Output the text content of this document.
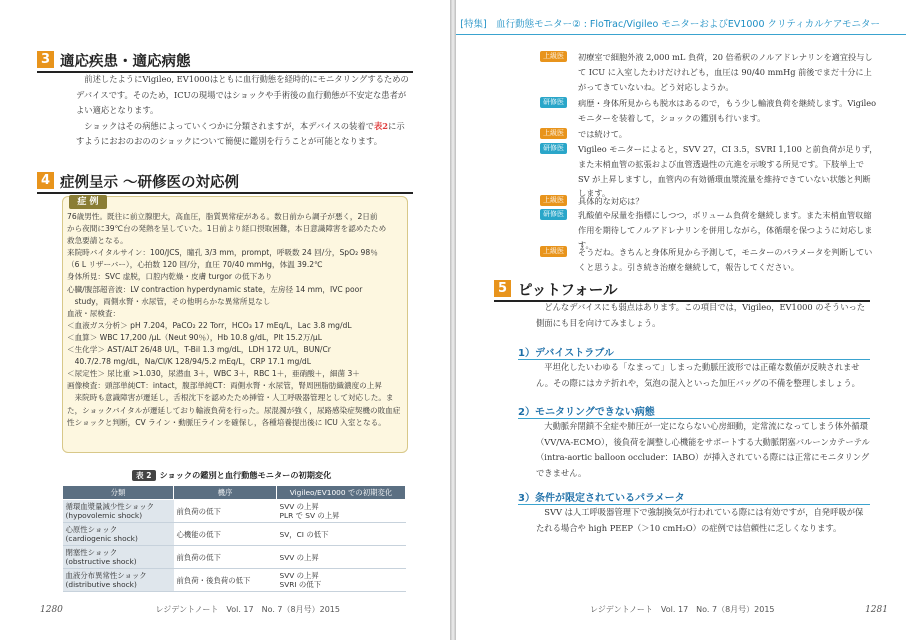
3 適応疾患・適応病態

前述したようにVigileo, EV1000はともに血行動態を経時的にモニタリングするためのデバイスです。そのため，ICUの現場ではショックや手術後の血行動態が不安定な患者がよい適応となります。

ショックはその病態によっていくつかに分類されますが，本デバイスの装着で表2に示すようにおおのおののショックについて簡便に鑑別を行うことが可能となります。

4 症例呈示 〜研修医の対応例
症 例
76歳男性。既往に前立腺肥大，高血圧，脂質異常症がある。数日前から調子が悪く，2日前
から夜間に39℃台の発熱を呈していた。1日前より経口摂取困難，本日意識障害を認めたため
救急要請となる。
来院時バイタルサイン：100/JCS，瞳孔 3/3 mm，prompt，呼吸数 24 回/分，SpO₂ 98％
（6 L リザーバー），心拍数 120 回/分，血圧 70/40 mmHg，体温 39.2℃
身体所見：SVC 虚脱，口腔内乾燥・皮膚 turgor の低下あり
心臓/腹部超音波：LV contraction hyperdynamic state，左房径 14 mm，IVC poor
　study，両側水腎・水尿管，その他明らかな異常所見なし
血液・尿検査：
＜血液ガス分析＞ pH 7.204，PaCO₂ 22 Torr，HCO₃ 17 mEq/L，Lac 3.8 mg/dL
＜血算＞ WBC 17,200 /μL（Neut 90％），Hb 10.8 g/dL，Plt 15.2万/μL
＜生化学＞ AST/ALT 26/48 U/L，T-Bil 1.3 mg/dL，LDH 172 U/L，BUN/Cr
　40.7/2.78 mg/dL，Na/Cl/K 128/94/5.2 mEq/L，CRP 17.1 mg/dL
＜尿定性＞ 尿比重 >1.030，尿潜血 3＋，WBC 3＋，RBC 1＋，亜硝酸＋，細菌 3＋
画像検査：頭部単純CT：intact，腹部単純CT：両側水腎・水尿管，腎周囲脂肪織濃度の上昇
　来院時も意識障害が遷延し，舌根沈下を認めたため挿管・人工呼吸器管理として対応した。ま
た，ショックバイタルが遷延しており輸液負荷を行った。尿混濁が強く，尿路感染症契機の敗血症
性ショックと判断，CV ライン・動脈圧ラインを確保し，各種培養提出後に ICU 入室となる。
表 2 ショックの鑑別と血行動態モニターの初期変化
分類	機序	Vigileo/EV1000 での初期変化
循環血漿量減少性ショック
(hypovolemic shock)	前負荷の低下	SVV の上昇
PLR で SV の上昇
心原性ショック
(cardiogenic shock)	心機能の低下	SV，CI の低下
閉塞性ショック
(obstructive shock)	前負荷の低下	SVV の上昇
血液分布異常性ショック
(distributive shock)	前負荷・後負荷の低下	SVV の上昇
SVRI の低下
1280	レジデントノート　Vol. 17　No. 7（8月号）2015
[特集]　 血行動態モニター② : FloTrac/Vigileo モニターおよびEV1000 クリティカルケアモニター
上級医	初療室で細胞外液 2,000 mL 負荷，20 倍希釈のノルアドレナリンを適宜投与して ICU に入室したわけだけれども，血圧は 90/40 mmHg 前後でまだ十分に上がってきていないね。どう対応しようか。
研修医	病歴・身体所見からも脱水はあるので，もう少し輸液負荷を継続します。Vigileo モニターを装着して，ショックの鑑別も行います。
上級医	では続けて。
研修医	Vigileo モニターによると，SVV 27，CI 3.5，SVRI 1,100 と前負荷が足りず，また末梢血管の拡張および血管透過性の亢進を示唆する所見です。下肢挙上で SV が上昇しますし，血管内の有効循環血漿流量を維持できていない状態と判断します。
上級医	具体的な対応は？
研修医	乳酸値や尿量を指標にしつつ，ボリューム負荷を継続します。また末梢血管収縮作用を期待してノルアドレナリンを併用しながら，体循環を保つように対応します。
上級医	そうだね。きちんと身体所見から予測して，モニターのパラメータを判断していくと思うよ。引き続き治療を継続して，報告してください。
5 ピットフォール

どんなデバイスにも弱点はあります。この項目では，Vigileo，EV1000 のそういった側面にも目を向けてみましょう。

1）デバイストラブル

平坦化したいわゆる「なまって」しまった動脈圧波形では正確な数値が反映されません。その際にはカテ折れや，気泡の混入といった加圧バッグの不備を整理しましょう。

2）モニタリングできない病態

大動脈弁閉鎖不全症や肺圧が一定にならない心房細動，定常流になってしまう体外循環（VV/VA-ECMO），後負荷を調整し心機能をサポートする大動脈閉塞バルーンカテーテル（intra-aortic balloon occluder：IABO）が挿入されている際には正常にモニタリングできません。

3）条件が限定されているパラメータ

SVV は人工呼吸器管理下で強制換気が行われている際には有効ですが，自発呼吸が保たれる場合や high PEEP（＞10 cmH₂O）の症例では信頼性に乏しくなります。

レジデントノート　Vol. 17　No. 7（8月号）2015	1281
